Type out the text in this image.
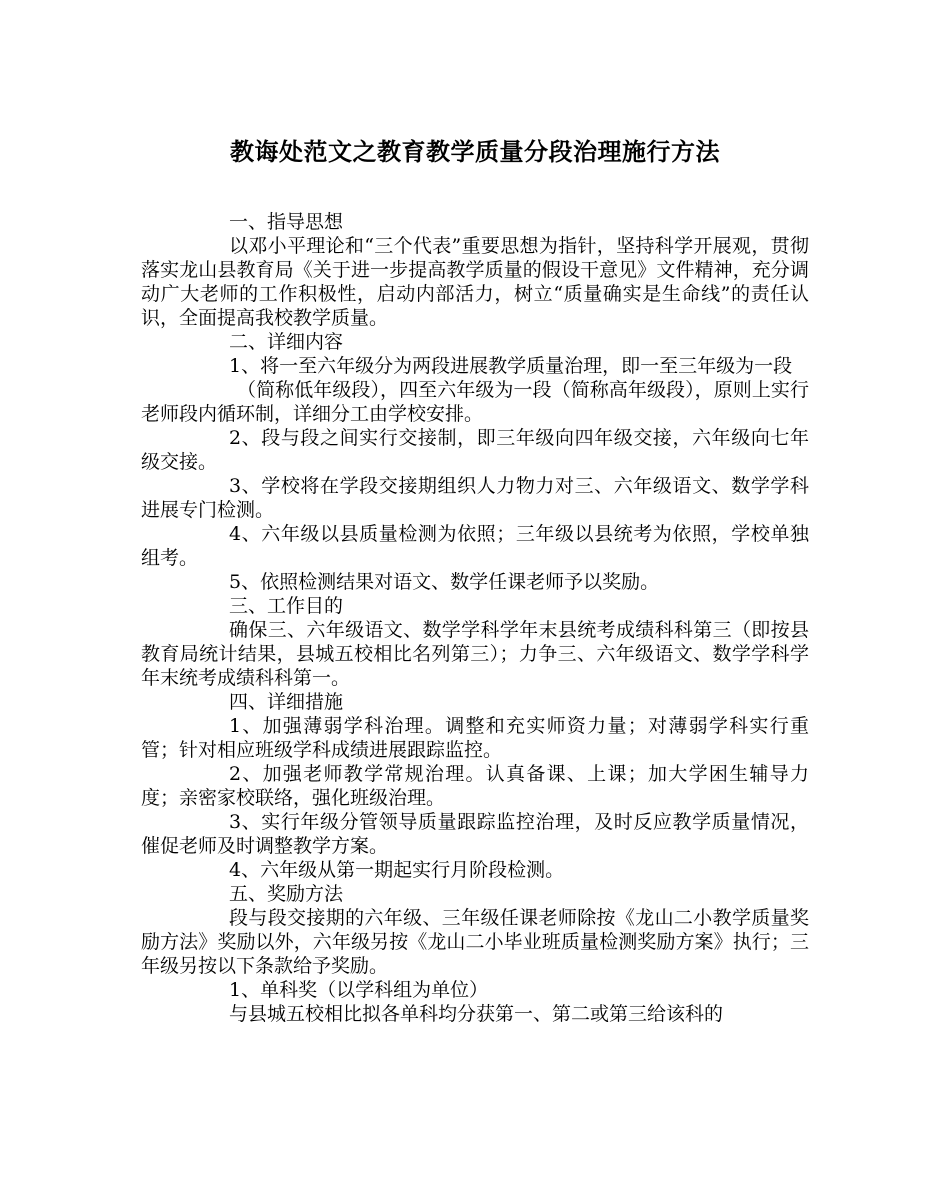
教诲处范文之教育教学质量分段治理施行方法

一、指导思想

以邓小平理论和“三个代表”重要思想为指针，坚持科学开展观，贯彻落实龙山县教育局《关于进一步提高教学质量的假设干意见》文件精神，充分调动广大老师的工作积极性，启动内部活力，树立“质量确实是生命线”的责任认识，全面提高我校教学质量。

二、详细内容

1、将一至六年级分为两段进展教学质量治理，即一至三年级为一段

（简称低年级段），四至六年级为一段（简称高年级段），原则上实行老师段内循环制，详细分工由学校安排。

2、段与段之间实行交接制，即三年级向四年级交接，六年级向七年级交接。

3、学校将在学段交接期组织人力物力对三、六年级语文、数学学科进展专门检测。

4、六年级以县质量检测为依照；三年级以县统考为依照，学校单独组考。

5、依照检测结果对语文、数学任课老师予以奖励。

三、工作目的

确保三、六年级语文、数学学科学年末县统考成绩科科第三（即按县教育局统计结果，县城五校相比名列第三）；力争三、六年级语文、数学学科学年末统考成绩科科第一。

四、详细措施

1、加强薄弱学科治理。调整和充实师资力量；对薄弱学科实行重管；针对相应班级学科成绩进展跟踪监控。

2、加强老师教学常规治理。认真备课、上课；加大学困生辅导力度；亲密家校联络，强化班级治理。

3、实行年级分管领导质量跟踪监控治理，及时反应教学质量情况，催促老师及时调整教学方案。

4、六年级从第一期起实行月阶段检测。

五、奖励方法

段与段交接期的六年级、三年级任课老师除按《龙山二小教学质量奖励方法》奖励以外，六年级另按《龙山二小毕业班质量检测奖励方案》执行；三年级另按以下条款给予奖励。

1、单科奖（以学科组为单位）

与县城五校相比拟各单科均分获第一、第二或第三给该科的
